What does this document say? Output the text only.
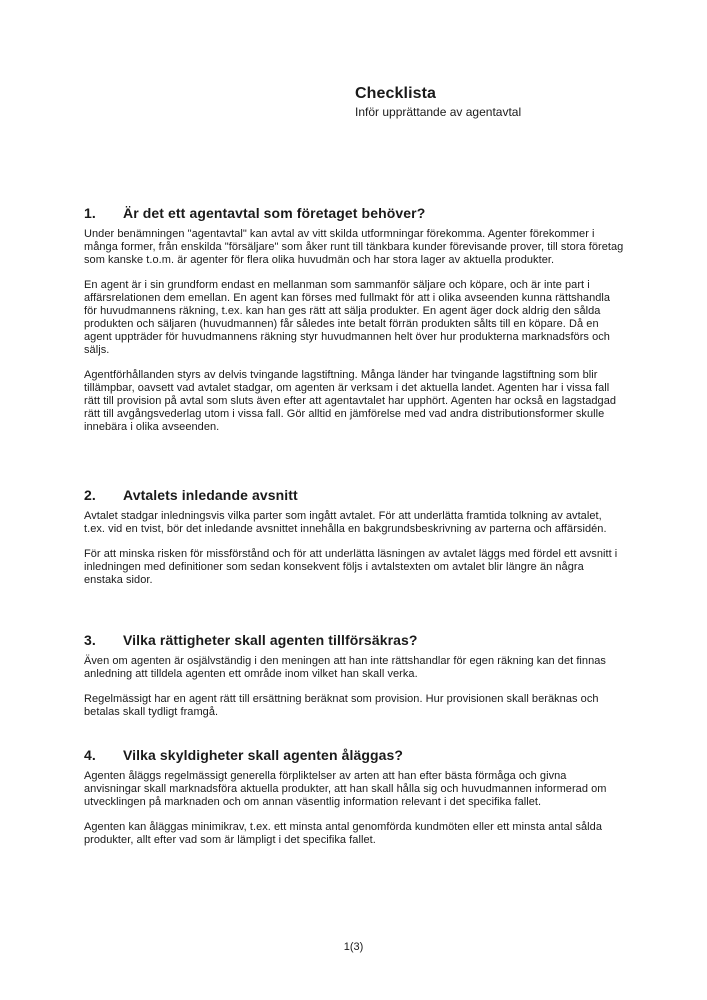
Checklista
Inför upprättande av agentavtal
1.	Är det ett agentavtal som företaget behöver?

Under benämningen "agentavtal" kan avtal av vitt skilda utformningar förekomma. Agenter förekommer i många former, från enskilda "försäljare" som åker runt till tänkbara kunder förevisande prover, till stora företag som kanske t.o.m. är agenter för flera olika huvudmän och har stora lager av aktuella produkter.

En agent är i sin grundform endast en mellanman som sammanför säljare och köpare, och är inte part i affärsrelationen dem emellan. En agent kan förses med fullmakt för att i olika avseenden kunna rättshandla för huvudmannens räkning, t.ex. kan han ges rätt att sälja produkter. En agent äger dock aldrig den sålda produkten och säljaren (huvudmannen) får således inte betalt förrän produkten sålts till en köpare. Då en agent uppträder för huvudmannens räkning styr huvudmannen helt över hur produkterna marknadsförs och säljs.

Agentförhållanden styrs av delvis tvingande lagstiftning. Många länder har tvingande lagstiftning som blir tillämpbar, oavsett vad avtalet stadgar, om agenten är verksam i det aktuella landet. Agenten har i vissa fall rätt till provision på avtal som sluts även efter att agentavtalet har upphört. Agenten har också en lagstadgad rätt till avgångsvederlag utom i vissa fall. Gör alltid en jämförelse med vad andra distributionsformer skulle innebära i olika avseenden.

2.	Avtalets inledande avsnitt

Avtalet stadgar inledningsvis vilka parter som ingått avtalet. För att underlätta framtida tolkning av avtalet, t.ex. vid en tvist, bör det inledande avsnittet innehålla en bakgrundsbeskrivning av parterna och affärsidén.

För att minska risken för missförstånd och för att underlätta läsningen av avtalet läggs med fördel ett avsnitt i inledningen med definitioner som sedan konsekvent följs i avtalstexten om avtalet blir längre än några enstaka sidor.

3.	Vilka rättigheter skall agenten tillförsäkras?

Även om agenten är osjälvständig i den meningen att han inte rättshandlar för egen räkning kan det finnas anledning att tilldela agenten ett område inom vilket han skall verka.

Regelmässigt har en agent rätt till ersättning beräknat som provision. Hur provisionen skall beräknas och betalas skall tydligt framgå.

4.	Vilka skyldigheter skall agenten åläggas?

Agenten åläggs regelmässigt generella förpliktelser av arten att han efter bästa förmåga och givna anvisningar skall marknadsföra aktuella produkter, att han skall hålla sig och huvudmannen informerad om utvecklingen på marknaden och om annan väsentlig information relevant i det specifika fallet.

Agenten kan åläggas minimikrav, t.ex. ett minsta antal genomförda kundmöten eller ett minsta antal sålda produkter, allt efter vad som är lämpligt i det specifika fallet.

1(3)
